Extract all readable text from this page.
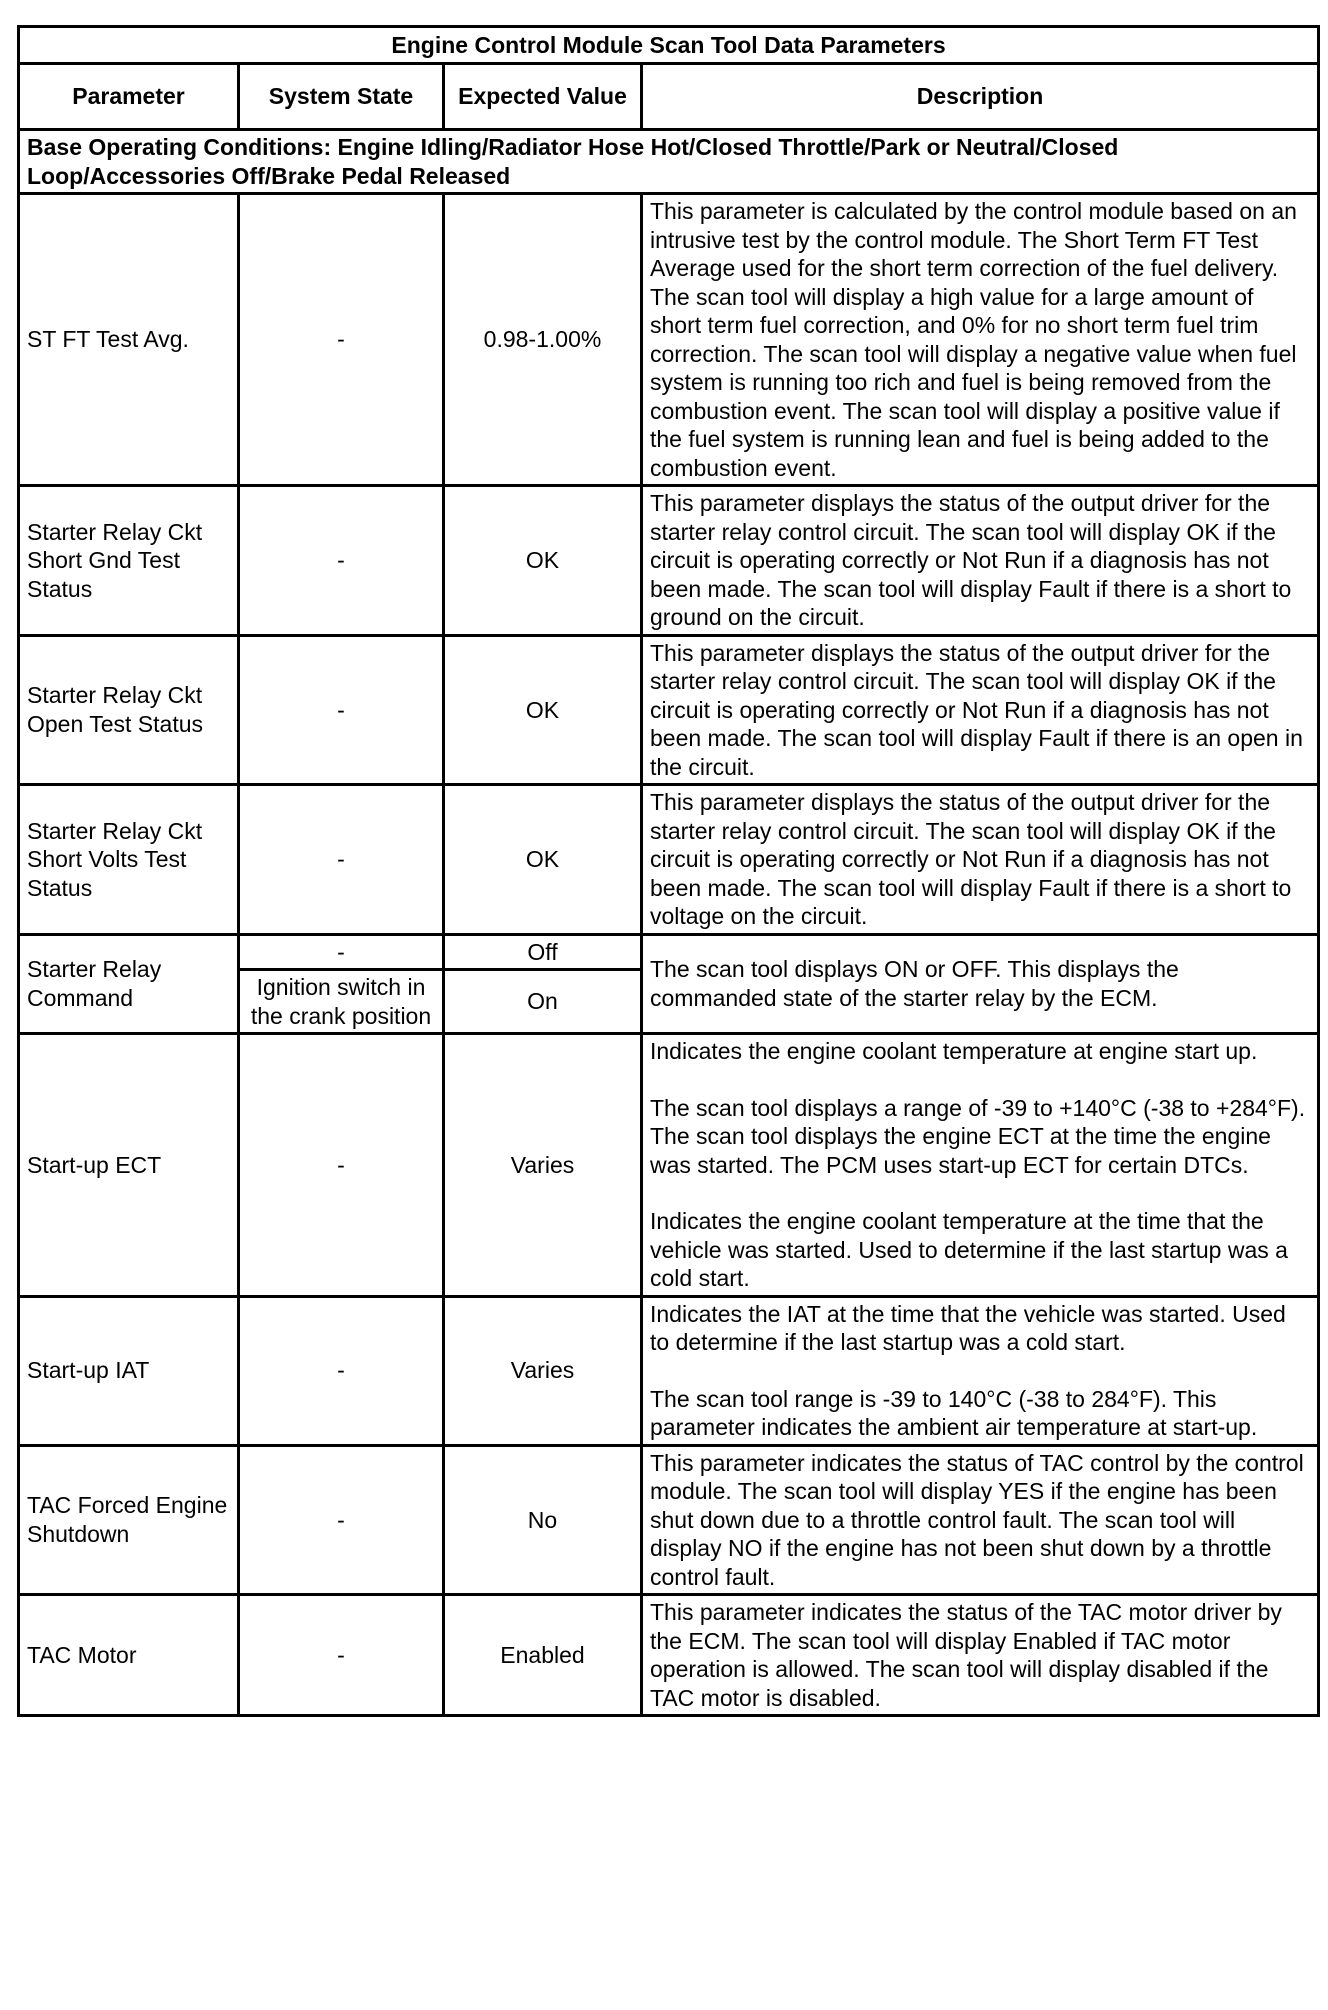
Engine Control Module Scan Tool Data Parameters			
Parameter	System State	Expected Value	Description
Base Operating Conditions: Engine Idling/Radiator Hose Hot/Closed Throttle/Park or Neutral/Closed Loop/Accessories Off/Brake Pedal Released			
ST FT Test Avg.	-	0.98-1.00%	This parameter is calculated by the control module based on an intrusive test by the control module. The Short Term FT Test Average used for the short term correction of the fuel delivery. The scan tool will display a high value for a large amount of short term fuel correction, and 0% for no short term fuel trim correction. The scan tool will display a negative value when fuel system is running too rich and fuel is being removed from the combustion event. The scan tool will display a positive value if the fuel system is running lean and fuel is being added to the combustion event.
Starter Relay Ckt Short Gnd Test Status	-	OK	This parameter displays the status of the output driver for the starter relay control circuit. The scan tool will display OK if the circuit is operating correctly or Not Run if a diagnosis has not been made. The scan tool will display Fault if there is a short to ground on the circuit.
Starter Relay Ckt Open Test Status	-	OK	This parameter displays the status of the output driver for the starter relay control circuit. The scan tool will display OK if the circuit is operating correctly or Not Run if a diagnosis has not been made. The scan tool will display Fault if there is an open in the circuit.
Starter Relay Ckt Short Volts Test Status	-	OK	This parameter displays the status of the output driver for the starter relay control circuit. The scan tool will display OK if the circuit is operating correctly or Not Run if a diagnosis has not been made. The scan tool will display Fault if there is a short to voltage on the circuit.
Starter Relay Command	-	Off	The scan tool displays ON or OFF. This displays the commanded state of the starter relay by the ECM.
	Ignition switch in the crank position	On	
Start-up ECT	-	Varies	Indicates the engine coolant temperature at engine start up.
The scan tool displays a range of -39 to +140°C (-38 to +284°F). The scan tool displays the engine ECT at the time the engine was started. The PCM uses start-up ECT for certain DTCs.
Indicates the engine coolant temperature at the time that the vehicle was started. Used to determine if the last startup was a cold start.

Start-up IAT	-	Varies	Indicates the IAT at the time that the vehicle was started. Used to determine if the last startup was a cold start.
The scan tool range is -39 to 140°C (-38 to 284°F). This parameter indicates the ambient air temperature at start-up.

TAC Forced Engine Shutdown	-	No	This parameter indicates the status of TAC control by the control module. The scan tool will display YES if the engine has been shut down due to a throttle control fault. The scan tool will display NO if the engine has not been shut down by a throttle control fault.
TAC Motor	-	Enabled	This parameter indicates the status of the TAC motor driver by the ECM. The scan tool will display Enabled if TAC motor operation is allowed. The scan tool will display disabled if the TAC motor is disabled.
